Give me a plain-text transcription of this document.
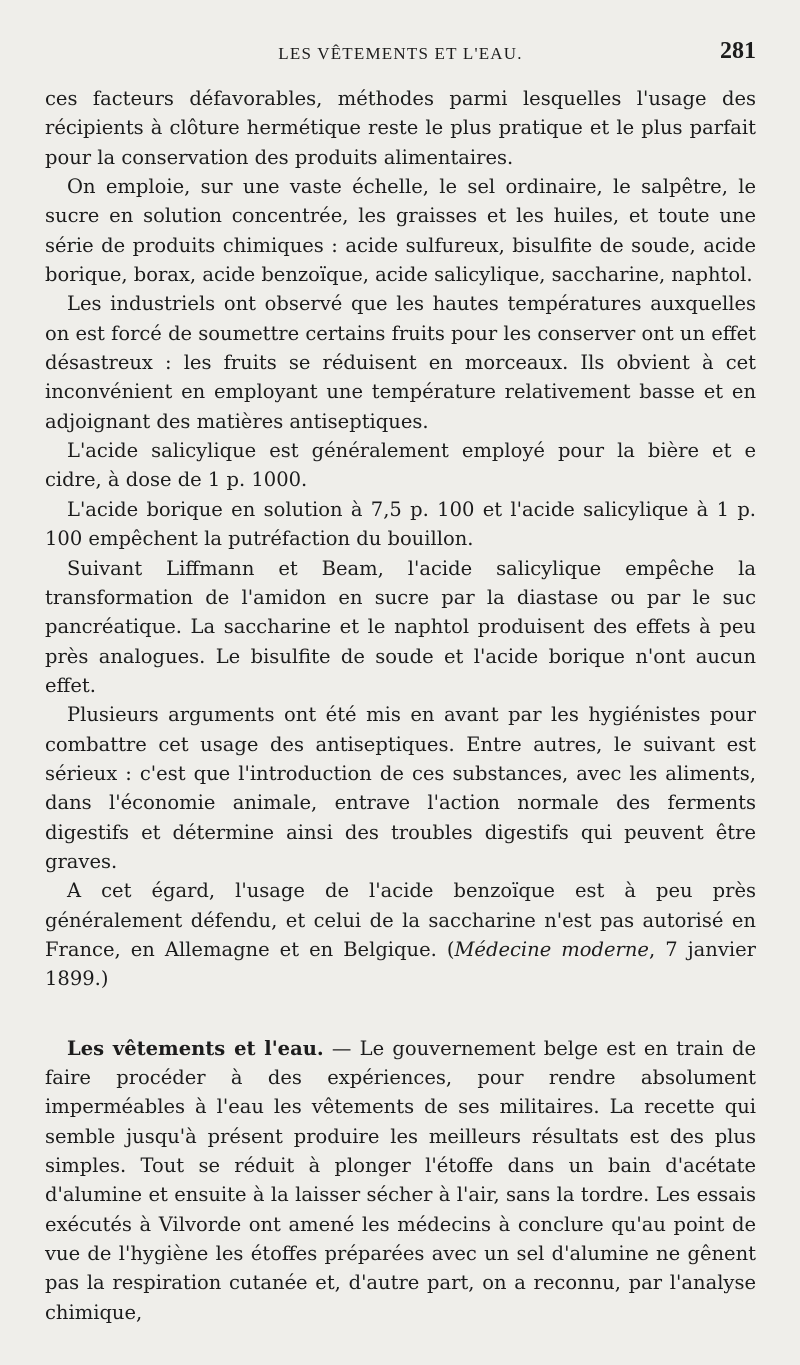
LES VÊTEMENTS ET L'EAU.	281

ces facteurs défavorables, méthodes parmi lesquelles l'usage des récipients à clôture hermétique reste le plus pratique et le plus parfait pour la conservation des produits alimentaires.

On emploie, sur une vaste échelle, le sel ordinaire, le salpêtre, le sucre en solution concentrée, les graisses et les huiles, et toute une série de produits chimiques : acide sulfureux, bisulfite de soude, acide borique, borax, acide benzoïque, acide salicylique, saccharine, naphtol.

Les industriels ont observé que les hautes températures auxquelles on est forcé de soumettre certains fruits pour les conserver ont un effet désastreux : les fruits se réduisent en morceaux. Ils obvient à cet inconvénient en employant une température relativement basse et en adjoignant des matières antiseptiques.

L'acide salicylique est généralement employé pour la bière et e cidre, à dose de 1 p. 1000.

L'acide borique en solution à 7,5 p. 100 et l'acide salicylique à 1 p. 100 empêchent la putréfaction du bouillon.

Suivant Liffmann et Beam, l'acide salicylique empêche la transformation de l'amidon en sucre par la diastase ou par le suc pancréatique. La saccharine et le naphtol produisent des effets à peu près analogues. Le bisulfite de soude et l'acide borique n'ont aucun effet.

Plusieurs arguments ont été mis en avant par les hygiénistes pour combattre cet usage des antiseptiques. Entre autres, le suivant est sérieux : c'est que l'introduction de ces substances, avec les aliments, dans l'économie animale, entrave l'action normale des ferments digestifs et détermine ainsi des troubles digestifs qui peuvent être graves.

A cet égard, l'usage de l'acide benzoïque est à peu près généralement défendu, et celui de la saccharine n'est pas autorisé en France, en Allemagne et en Belgique. (Médecine moderne, 7 janvier 1899.)

Les vêtements et l'eau. — Le gouvernement belge est en train de faire procéder à des expériences, pour rendre absolument imperméables à l'eau les vêtements de ses militaires. La recette qui semble jusqu'à présent produire les meilleurs résultats est des plus simples. Tout se réduit à plonger l'étoffe dans un bain d'acétate d'alumine et ensuite à la laisser sécher à l'air, sans la tordre. Les essais exécutés à Vilvorde ont amené les médecins à conclure qu'au point de vue de l'hygiène les étoffes préparées avec un sel d'alumine ne gênent pas la respiration cutanée et, d'autre part, on a reconnu, par l'analyse chimique,
